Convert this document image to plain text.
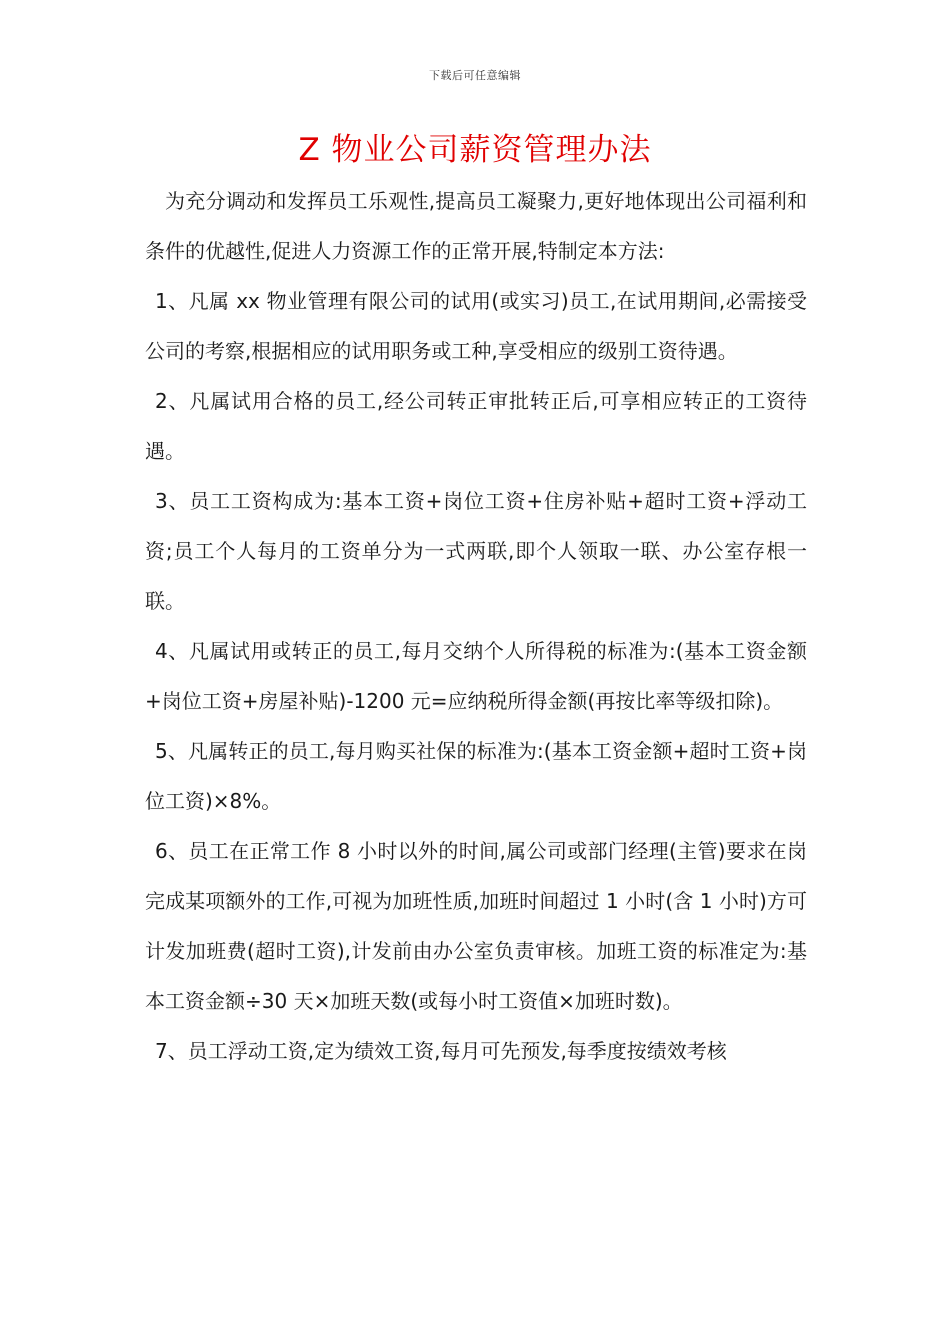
下载后可任意编辑
Z 物业公司薪资管理办法

为充分调动和发挥员工乐观性,提高员工凝聚力,更好地体现出公司福利和条件的优越性,促进人力资源工作的正常开展,特制定本方法:

1、凡属 xx 物业管理有限公司的试用(或实习)员工,在试用期间,必需接受公司的考察,根据相应的试用职务或工种,享受相应的级别工资待遇。

2、凡属试用合格的员工,经公司转正审批转正后,可享相应转正的工资待遇。

3、员工工资构成为:基本工资+岗位工资+住房补贴+超时工资+浮动工资;员工个人每月的工资单分为一式两联,即个人领取一联、办公室存根一联。

4、凡属试用或转正的员工,每月交纳个人所得税的标准为:(基本工资金额+岗位工资+房屋补贴)-1200 元=应纳税所得金额(再按比率等级扣除)。

5、凡属转正的员工,每月购买社保的标准为:(基本工资金额+超时工资+岗位工资)×8%。

6、员工在正常工作 8 小时以外的时间,属公司或部门经理(主管)要求在岗完成某项额外的工作,可视为加班性质,加班时间超过 1 小时(含 1 小时)方可计发加班费(超时工资),计发前由办公室负责审核。加班工资的标准定为:基本工资金额÷30 天×加班天数(或每小时工资值×加班时数)。

7、员工浮动工资,定为绩效工资,每月可先预发,每季度按绩效考核
